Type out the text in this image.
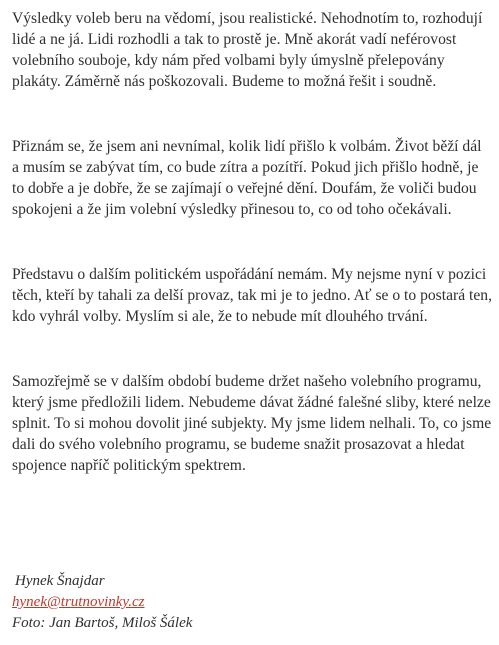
Výsledky voleb beru na vědomí, jsou realistické. Nehodnotím to, rozhodují lidé a ne já. Lidi rozhodli a tak to prostě je. Mně akorát vadí neférovost volebního souboje, kdy nám před volbami byly úmyslně přelepovány plakáty. Záměrně nás poškozovali. Budeme to možná řešit i soudně.

Přiznám se, že jsem ani nevnímal, kolik lidí přišlo k volbám. Život běží dál a musím se zabývat tím, co bude zítra a pozítří. Pokud jich přišlo hodně, je to dobře a je dobře, že se zajímají o veřejné dění. Doufám, že voliči budou spokojeni a že jim volební výsledky přinesou to, co od toho očekávali.

Představu o dalším politickém uspořádání nemám. My nejsme nyní v pozici těch, kteří by tahali za delší provaz, tak mi je to jedno. Ať se o to postará ten, kdo vyhrál volby. Myslím si ale, že to nebude mít dlouhého trvání.

Samozřejmě se v dalším období budeme držet našeho volebního programu, který jsme předložili lidem. Nebudeme dávat žádné falešné sliby, které nelze splnit. To si mohou dovolit jiné subjekty. My jsme lidem nelhali. To, co jsme dali do svého volebního programu, se budeme snažit prosazovat a hledat spojence napříč politickým spektrem.

Hynek Šnajdar
hynek@trutnovinky.cz
Foto: Jan Bartoš, Miloš Šálek
